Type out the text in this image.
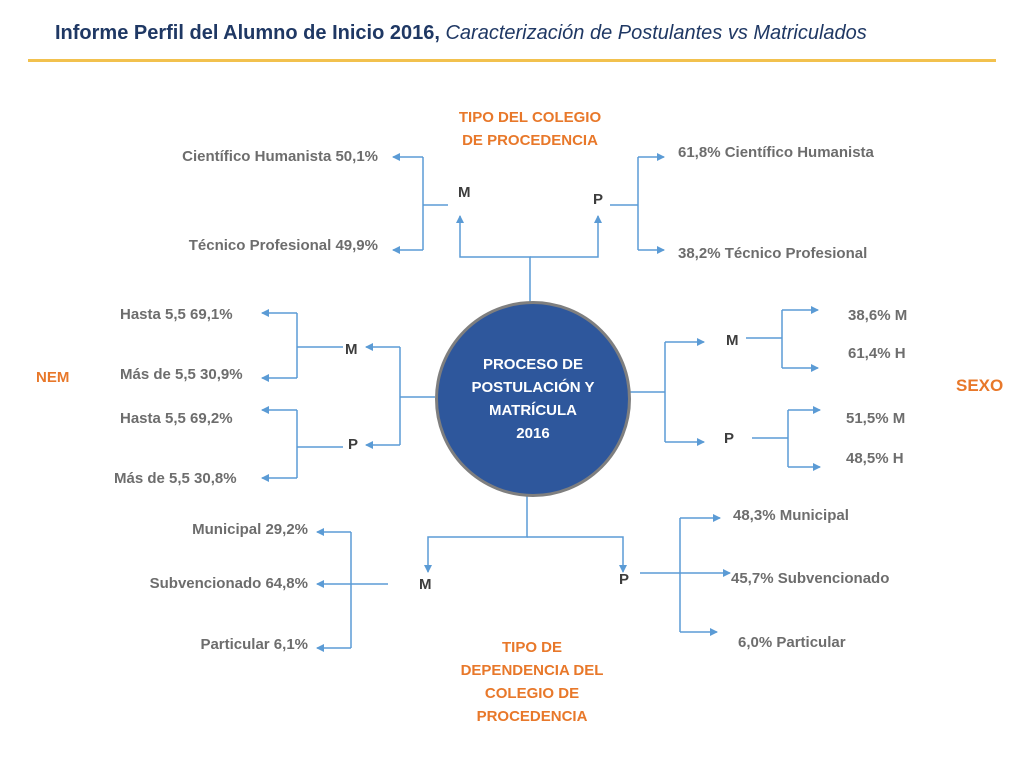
Informe Perfil del Alumno de Inicio 2016, Caracterización de Postulantes vs Matriculados
PROCESO DE
POSTULACIÓN Y
MATRÍCULA
2016
TIPO DEL COLEGIO
DE PROCEDENCIA
M	P
Científico Humanista 50,1%
Técnico Profesional 49,9%
61,8% Científico Humanista
38,2% Técnico Profesional
NEM
M
P
Hasta 5,5 69,1%
Más de 5,5 30,9%
Hasta 5,5 69,2%
Más de 5,5 30,8%
SEXO
M
P
38,6% M
61,4% H
51,5% M
48,5% H
TIPO DE
DEPENDENCIA DEL
COLEGIO DE
PROCEDENCIA
M	P
Municipal 29,2%
Subvencionado 64,8%
Particular 6,1%
48,3% Municipal
45,7% Subvencionado
6,0% Particular
